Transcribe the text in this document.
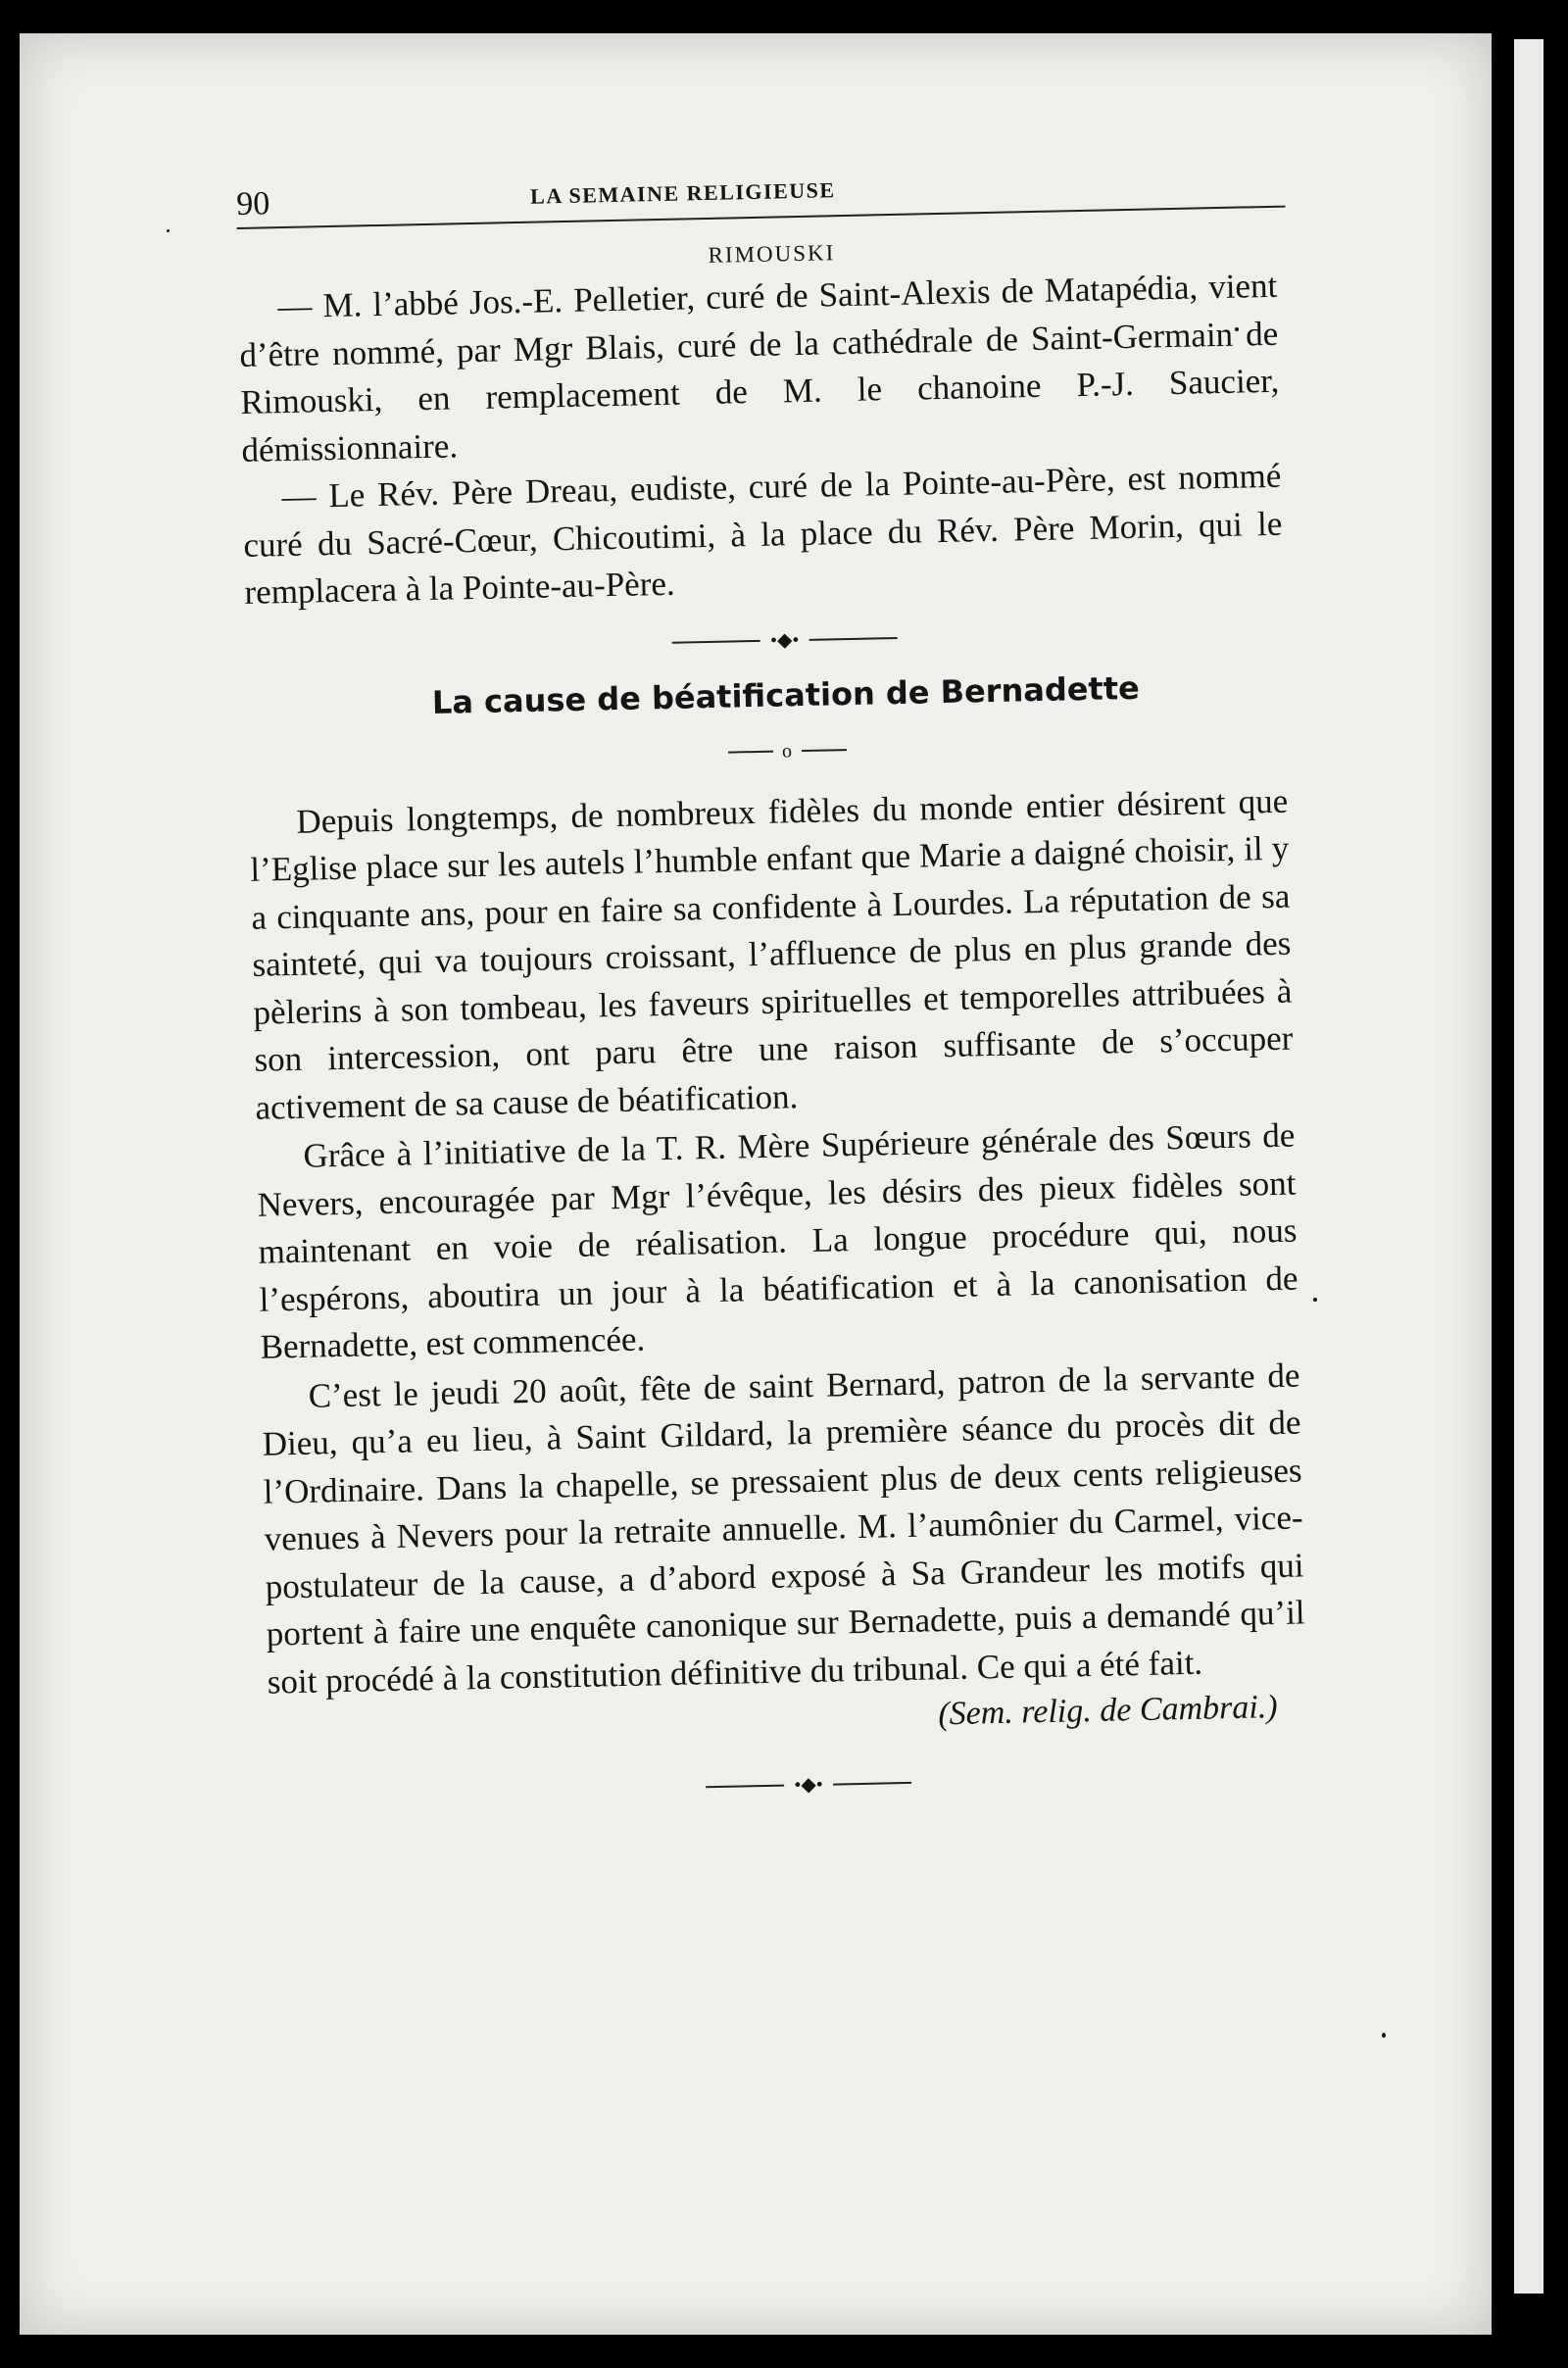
90	LA SEMAINE RELIGIEUSE
RIMOUSKI

— M. l’abbé Jos.-E. Pelletier, curé de Saint-Alexis de Matapédia, vient d’être nommé, par Mgr Blais, curé de la cathédrale de Saint-Germain de Rimouski, en remplacement de M. le chanoine P.-J. Saucier, démissionnaire.

— Le Rév. Père Dreau, eudiste, curé de la Pointe-au-Père, est nommé curé du Sacré-Cœur, Chicoutimi, à la place du Rév. Père Morin, qui le remplacera à la Pointe-au-Père.

•◆•
La cause de béatification de Bernadette
o

Depuis longtemps, de nombreux fidèles du monde entier désirent que l’Eglise place sur les autels l’humble enfant que Marie a daigné choisir, il y a cinquante ans, pour en faire sa confidente à Lourdes. La réputation de sa sainteté, qui va toujours croissant, l’affluence de plus en plus grande des pèlerins à son tombeau, les faveurs spirituelles et temporelles attribuées à son intercession, ont paru être une raison suffisante de s’occuper activement de sa cause de béatification.

Grâce à l’initiative de la T. R. Mère Supérieure générale des Sœurs de Nevers, encouragée par Mgr l’évêque, les désirs des pieux fidèles sont maintenant en voie de réalisation. La longue procédure qui, nous l’espérons, aboutira un jour à la béatification et à la canonisation de Bernadette, est commencée.

C’est le jeudi 20 août, fête de saint Bernard, patron de la servante de Dieu, qu’a eu lieu, à Saint Gildard, la première séance du procès dit de l’Ordinaire. Dans la chapelle, se pressaient plus de deux cents religieuses venues à Nevers pour la retraite annuelle. M. l’aumônier du Carmel, vice-postulateur de la cause, a d’abord exposé à Sa Grandeur les motifs qui portent à faire une enquête canonique sur Bernadette, puis a demandé qu’il soit procédé à la constitution définitive du tribunal. Ce qui a été fait.

(Sem. relig. de Cambrai.)
•◆•
